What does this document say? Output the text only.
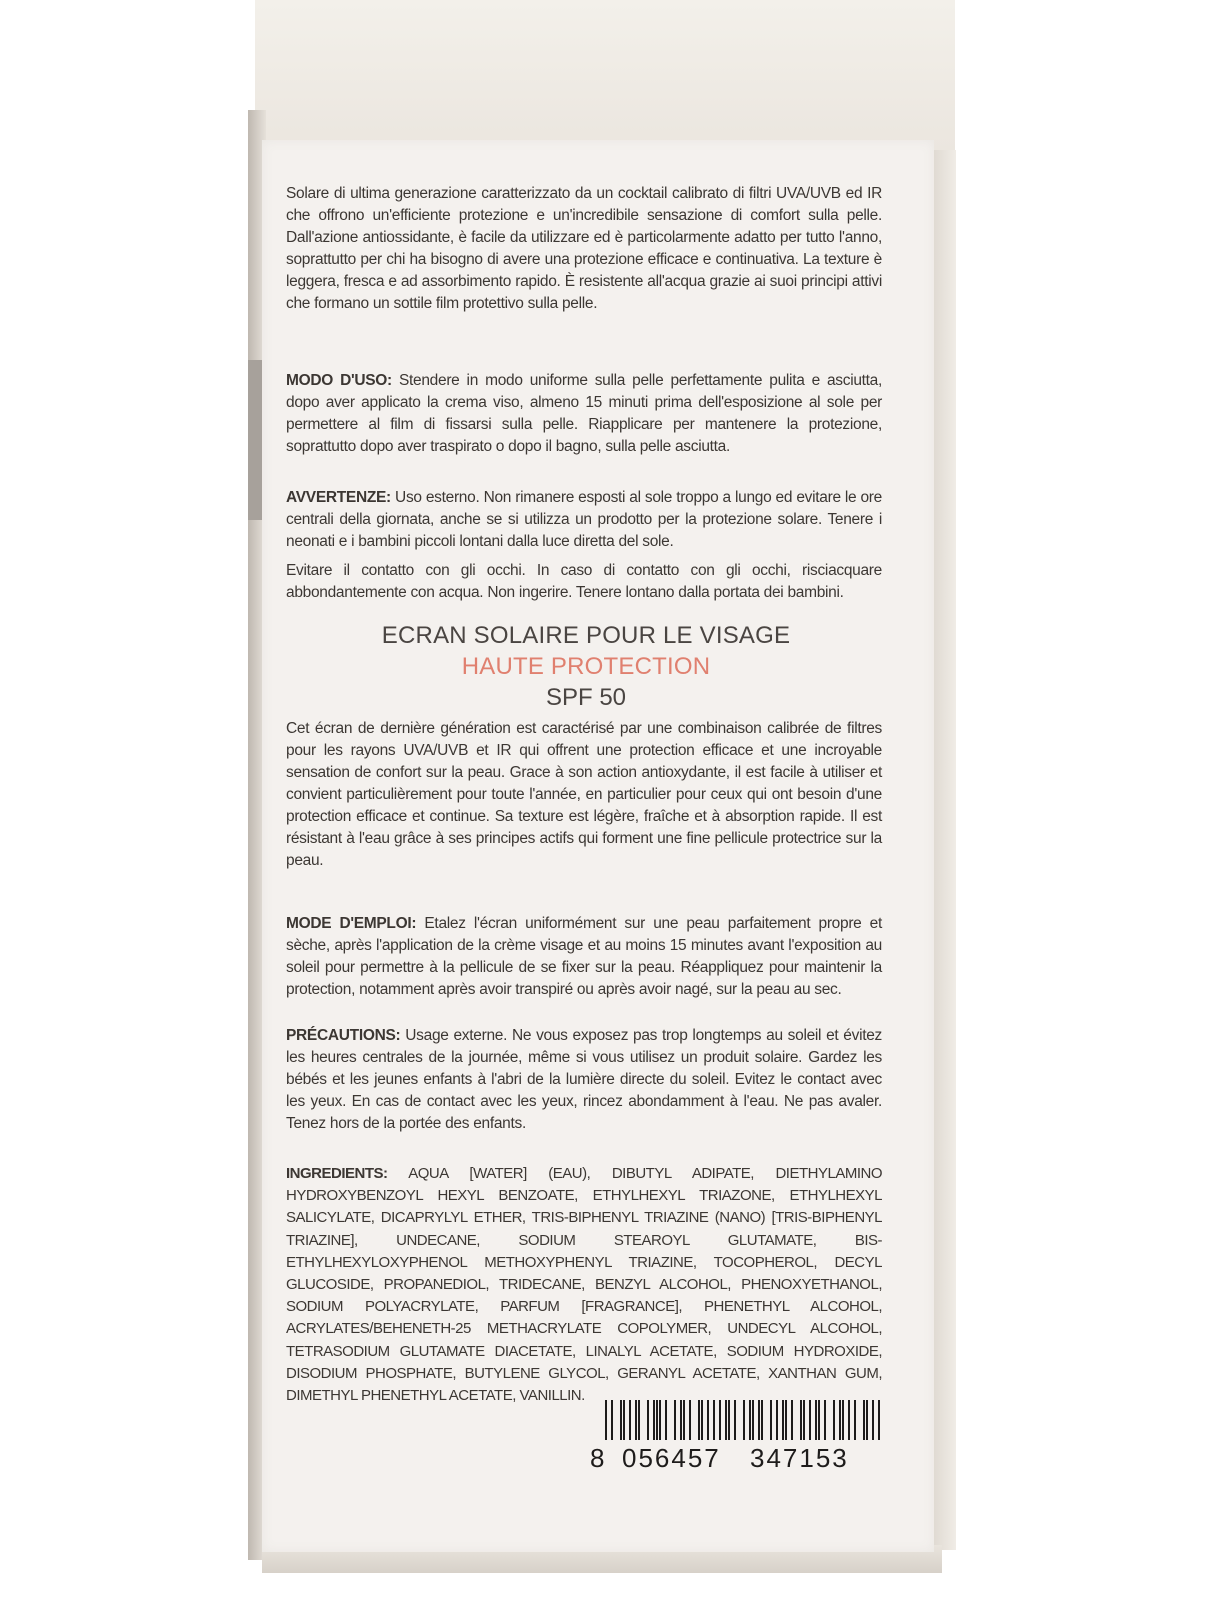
Solare di ultima generazione caratterizzato da un cocktail calibrato di filtri UVA/UVB ed IR che offrono un'efficiente protezione e un'incredibile sensazione di comfort sulla pelle. Dall'azione antiossidante, è facile da utilizzare ed è particolarmente adatto per tutto l'anno, soprattutto per chi ha bisogno di avere una protezione efficace e continuativa. La texture è leggera, fresca e ad assorbimento rapido. È resistente all'acqua grazie ai suoi principi attivi che formano un sottile film protettivo sulla pelle.
MODO D'USO: Stendere in modo uniforme sulla pelle perfettamente pulita e asciutta, dopo aver applicato la crema viso, almeno 15 minuti prima dell'esposizione al sole per permettere al film di fissarsi sulla pelle. Riapplicare per mantenere la protezione, soprattutto dopo aver traspirato o dopo il bagno, sulla pelle asciutta.
AVVERTENZE: Uso esterno. Non rimanere esposti al sole troppo a lungo ed evitare le ore centrali della giornata, anche se si utilizza un prodotto per la protezione solare. Tenere i neonati e i bambini piccoli lontani dalla luce diretta del sole.
Evitare il contatto con gli occhi. In caso di contatto con gli occhi, risciacquare abbondantemente con acqua. Non ingerire. Tenere lontano dalla portata dei bambini.
ECRAN SOLAIRE POUR LE VISAGE
HAUTE PROTECTION
SPF 50
Cet écran de dernière génération est caractérisé par une combinaison calibrée de filtres pour les rayons UVA/UVB et IR qui offrent une protection efficace et une incroyable sensation de confort sur la peau. Grace à son action antioxydante, il est facile à utiliser et convient particulièrement pour toute l'année, en particulier pour ceux qui ont besoin d'une protection efficace et continue. Sa texture est légère, fraîche et à absorption rapide. Il est résistant à l'eau grâce à ses principes actifs qui forment une fine pellicule protectrice sur la peau.
MODE D'EMPLOI: Etalez l'écran uniformément sur une peau parfaitement propre et sèche, après l'application de la crème visage et au moins 15 minutes avant l'exposition au soleil pour permettre à la pellicule de se fixer sur la peau. Réappliquez pour maintenir la protection, notamment après avoir transpiré ou après avoir nagé, sur la peau au sec.
PRÉCAUTIONS: Usage externe. Ne vous exposez pas trop longtemps au soleil et évitez les heures centrales de la journée, même si vous utilisez un produit solaire. Gardez les bébés et les jeunes enfants à l'abri de la lumière directe du soleil. Evitez le contact avec les yeux. En cas de contact avec les yeux, rincez abondamment à l'eau. Ne pas avaler. Tenez hors de la portée des enfants.
INGREDIENTS: AQUA [WATER] (EAU), DIBUTYL ADIPATE, DIETHYLAMINO HYDROXYBENZOYL HEXYL BENZOATE, ETHYLHEXYL TRIAZONE, ETHYLHEXYL SALICYLATE, DICAPRYLYL ETHER, TRIS-BIPHENYL TRIAZINE (NANO) [TRIS-BIPHENYL TRIAZINE], UNDECANE, SODIUM STEAROYL GLUTAMATE, BIS-ETHYLHEXYLOXYPHENOL METHOXYPHENYL TRIAZINE, TOCOPHEROL, DECYL GLUCOSIDE, PROPANEDIOL, TRIDECANE, BENZYL ALCOHOL, PHENOXYETHANOL, SODIUM POLYACRYLATE, PARFUM [FRAGRANCE], PHENETHYL ALCOHOL, ACRYLATES/BEHENETH-25 METHACRYLATE COPOLYMER, UNDECYL ALCOHOL, TETRASODIUM GLUTAMATE DIACETATE, LINALYL ACETATE, SODIUM HYDROXIDE, DISODIUM PHOSPHATE, BUTYLENE GLYCOL, GERANYL ACETATE, XANTHAN GUM, DIMETHYL PHENETHYL ACETATE, VANILLIN.
8 056457 347153
